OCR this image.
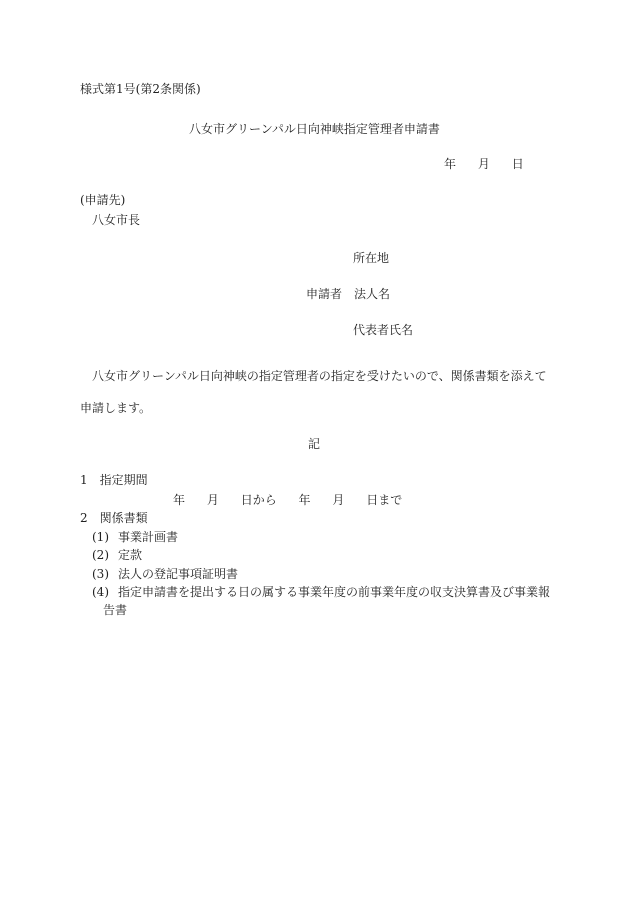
様式第1号(第2条関係)
八女市グリーンパル日向神峡指定管理者申請書
年 月 日
(申請先)
八女市長
所在地
申請者 法人名
代表者氏名
八女市グリーンパル日向神峡の指定管理者の指定を受けたいので、関係書類を添えて申請します。
記
1　指定期間
年 月 日から 年 月 日まで
2　関係書類
(1) 事業計画書
(2) 定款
(3) 法人の登記事項証明書
(4) 指定申請書を提出する日の属する事業年度の前事業年度の収支決算書及び事業報
告書
